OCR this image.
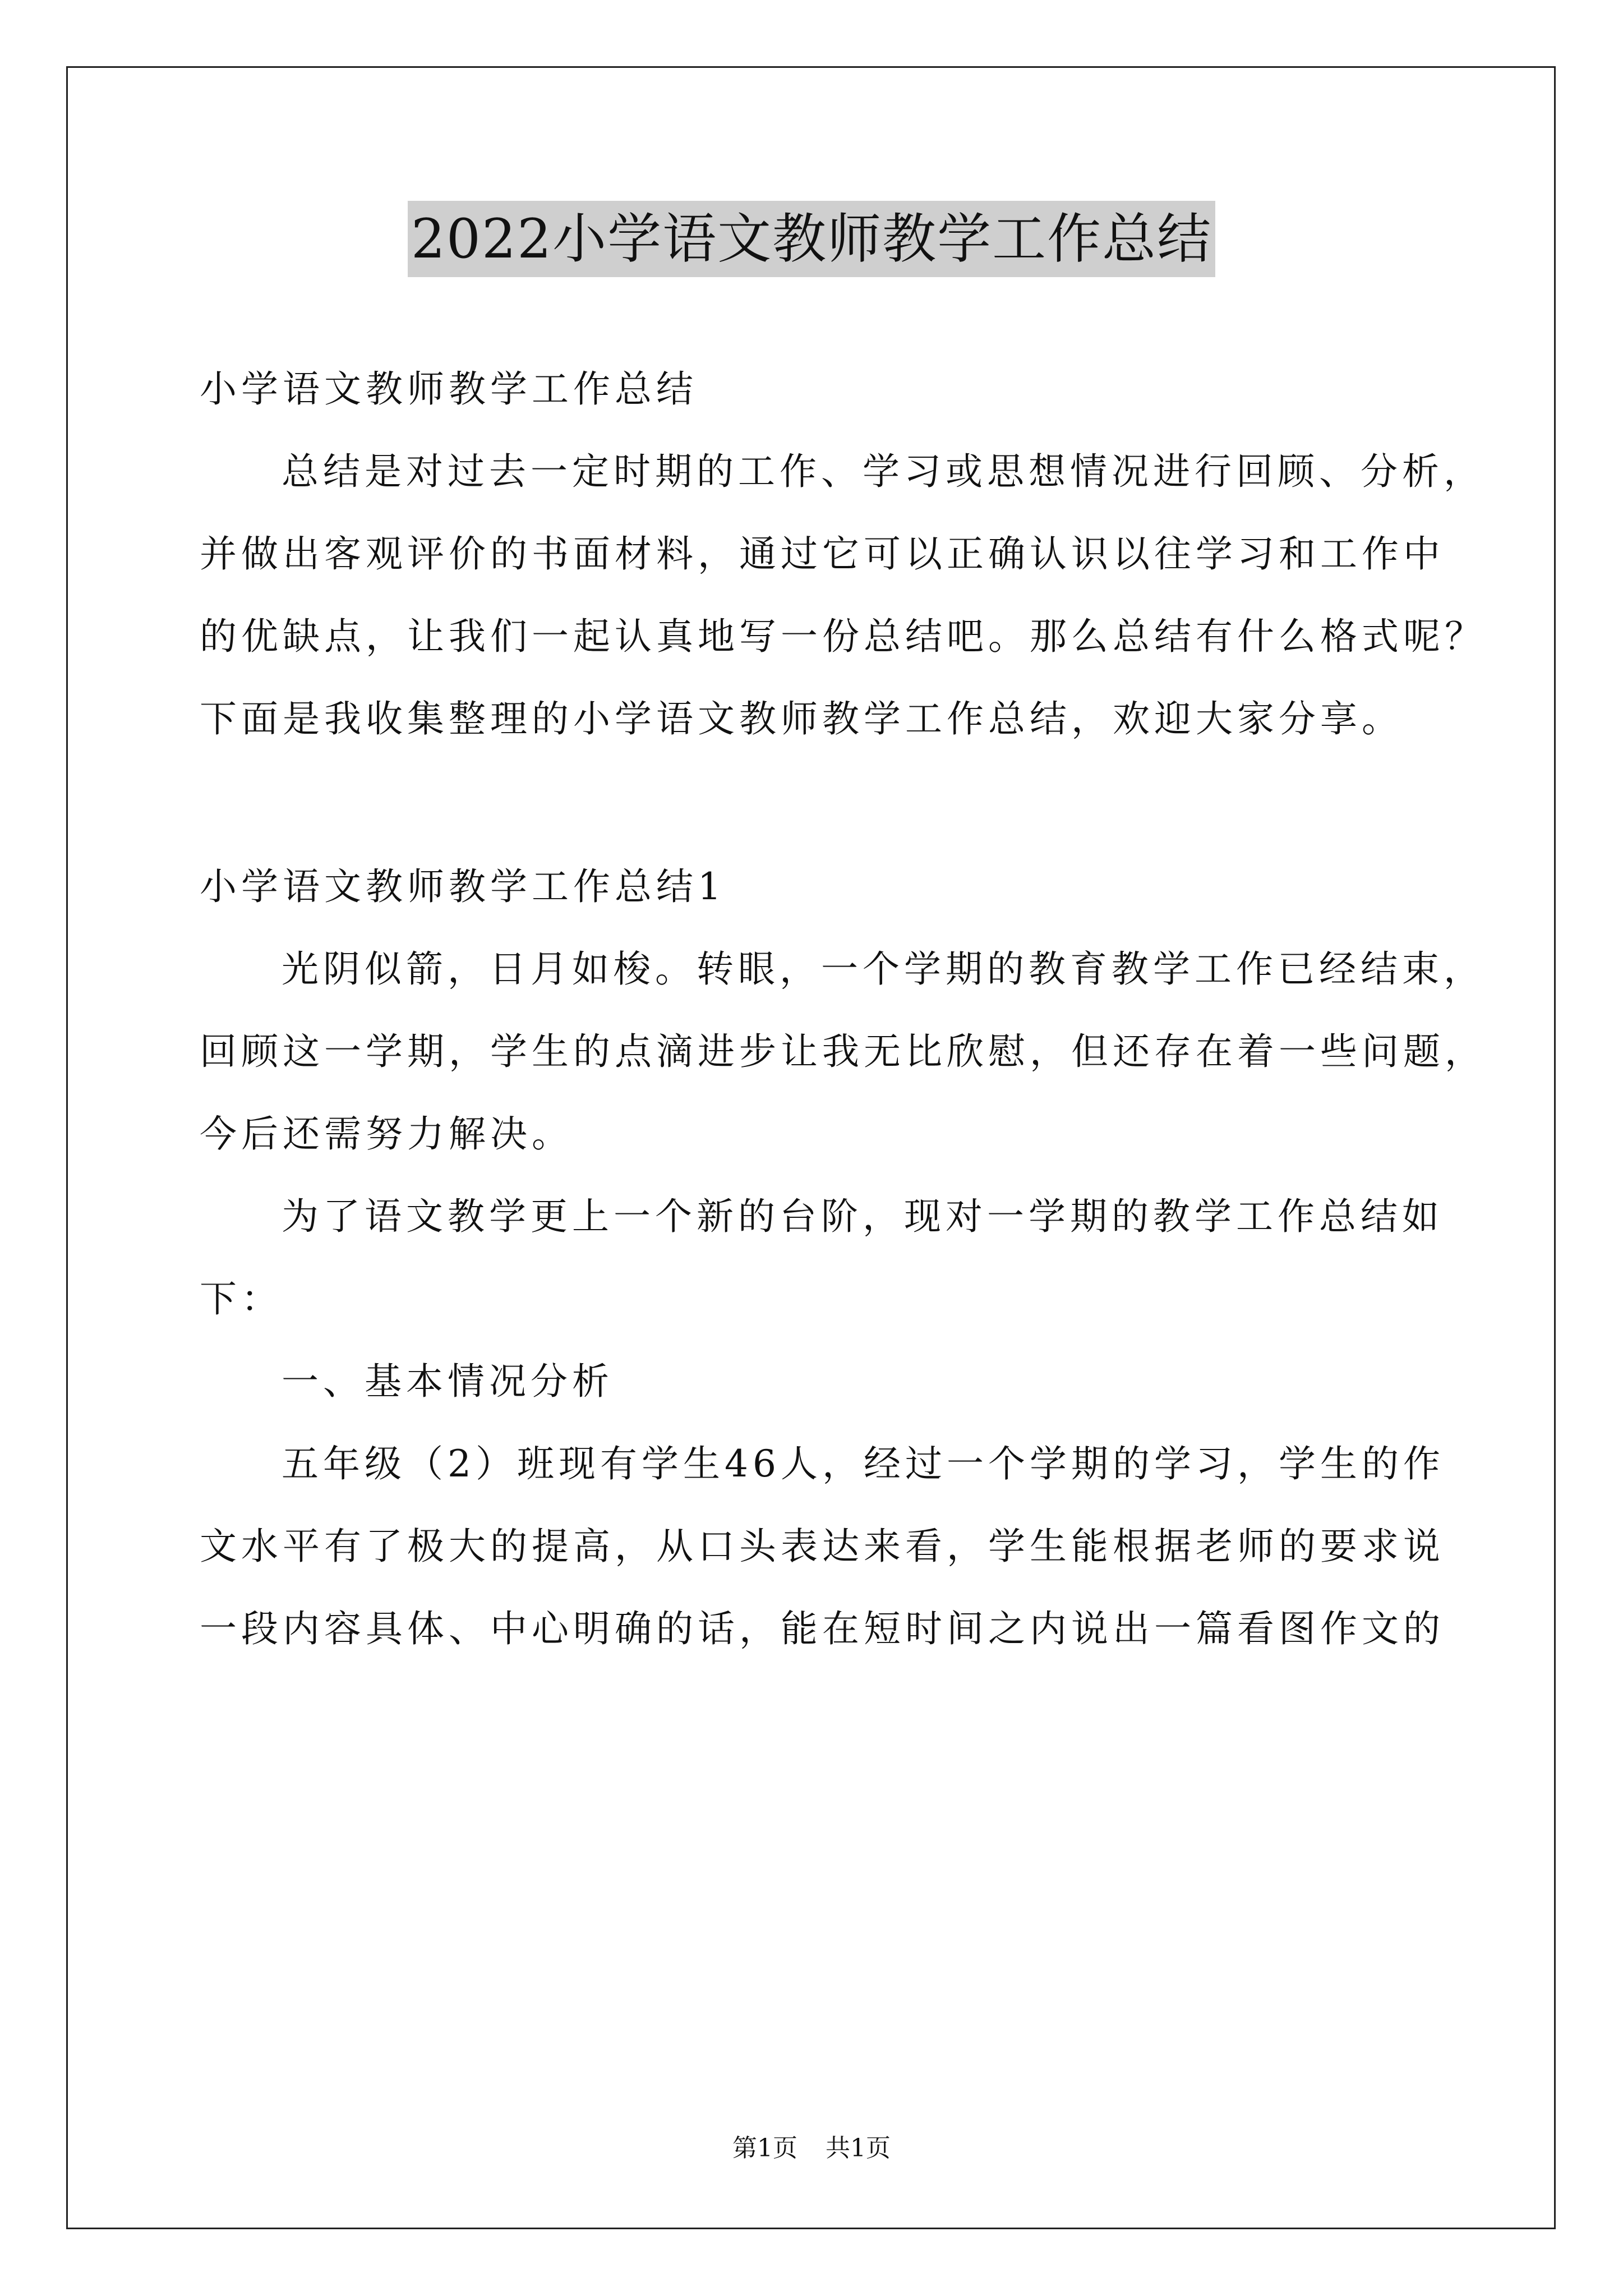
2022小学语文教师教学工作总结
小学语文教师教学工作总结
总结是对过去一定时期的工作、学习或思想情况进行回顾、分析，
并做出客观评价的书面材料，通过它可以正确认识以往学习和工作中
的优缺点，让我们一起认真地写一份总结吧。那么总结有什么格式呢？
下面是我收集整理的小学语文教师教学工作总结，欢迎大家分享。
小学语文教师教学工作总结1
光阴似箭，日月如梭。转眼，一个学期的教育教学工作已经结束，
回顾这一学期，学生的点滴进步让我无比欣慰，但还存在着一些问题，
今后还需努力解决。
为了语文教学更上一个新的台阶，现对一学期的教学工作总结如
下：
一、基本情况分析
五年级（2）班现有学生46人，经过一个学期的学习，学生的作
文水平有了极大的提高，从口头表达来看，学生能根据老师的要求说
一段内容具体、中心明确的话，能在短时间之内说出一篇看图作文的
第1页 共1页
